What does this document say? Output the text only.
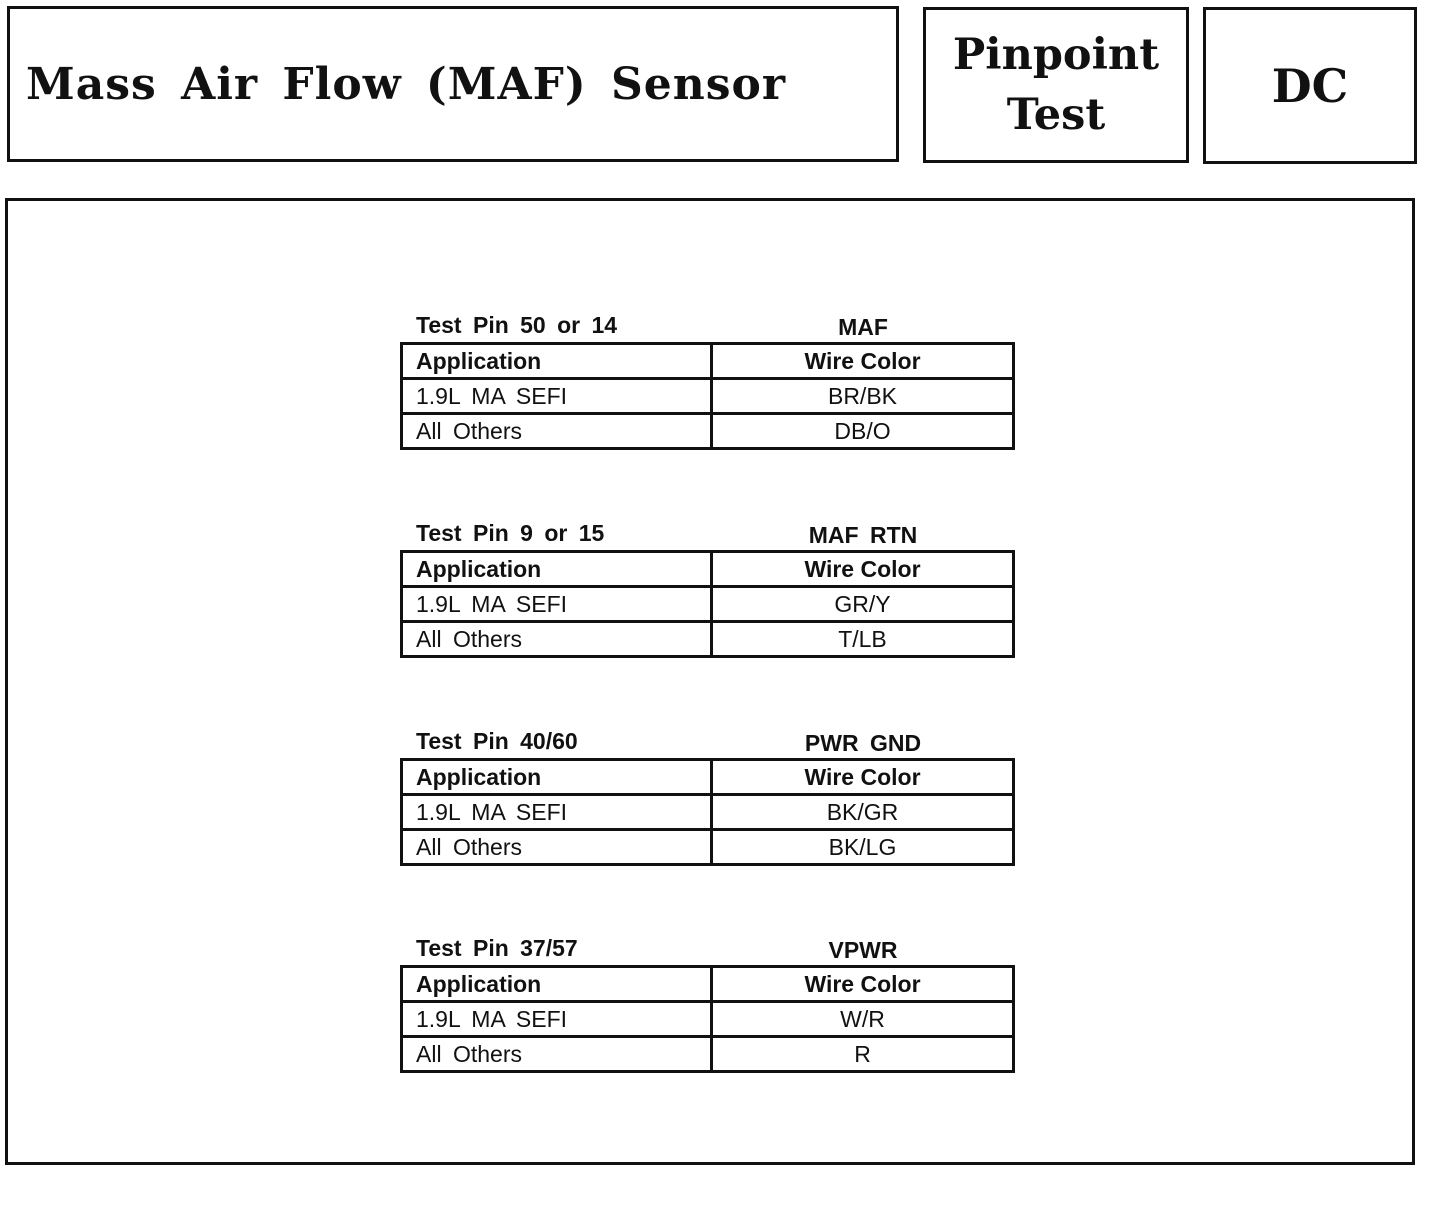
Mass Air Flow (MAF) Sensor
Pinpoint
Test
DC
Test Pin 50 or 14	MAF
Application	Wire Color
1.9L MA SEFI	BR/BK
All Others	DB/O
Test Pin 9 or 15	MAF RTN
Application	Wire Color
1.9L MA SEFI	GR/Y
All Others	T/LB
Test Pin 40/60	PWR GND
Application	Wire Color
1.9L MA SEFI	BK/GR
All Others	BK/LG
Test Pin 37/57	VPWR
Application	Wire Color
1.9L MA SEFI	W/R
All Others	R
